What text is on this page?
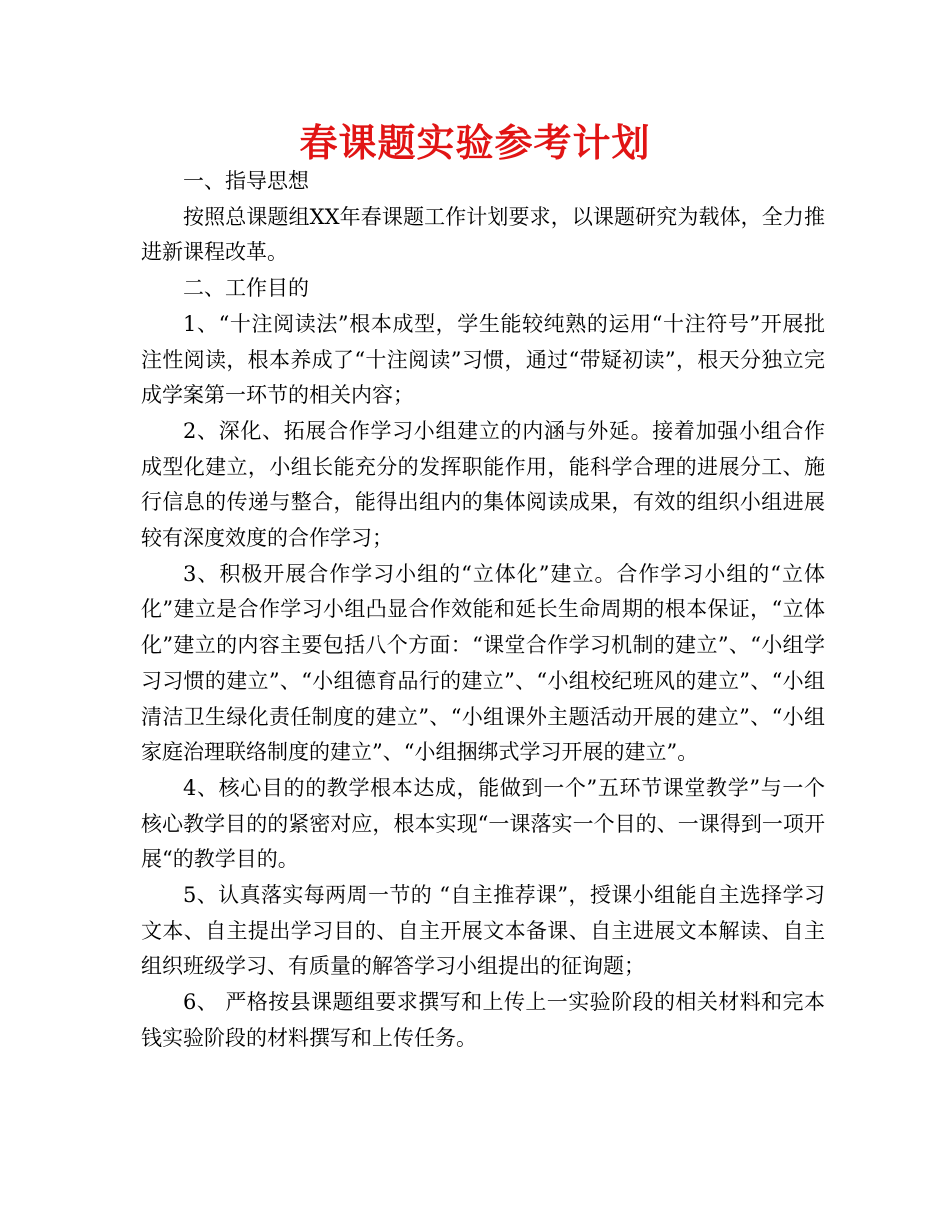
春课题实验参考计划

一、指导思想

按照总课题组XX年春课题工作计划要求，以课题研究为载体，全力推进新课程改革。

二、工作目的

1、“十注阅读法”根本成型，学生能较纯熟的运用“十注符号”开展批注性阅读，根本养成了“十注阅读”习惯，通过“带疑初读”，根天分独立完成学案第一环节的相关内容；

2、深化、拓展合作学习小组建立的内涵与外延。接着加强小组合作成型化建立，小组长能充分的发挥职能作用，能科学合理的进展分工、施行信息的传递与整合，能得出组内的集体阅读成果，有效的组织小组进展较有深度效度的合作学习；

3、积极开展合作学习小组的“立体化”建立。合作学习小组的“立体化”建立是合作学习小组凸显合作效能和延长生命周期的根本保证，“立体化”建立的内容主要包括八个方面：“课堂合作学习机制的建立”、“小组学习习惯的建立”、“小组德育品行的建立”、“小组校纪班风的建立”、“小组清洁卫生绿化责任制度的建立”、“小组课外主题活动开展的建立”、“小组家庭治理联络制度的建立”、“小组捆绑式学习开展的建立”。

4、核心目的的教学根本达成，能做到一个”五环节课堂教学”与一个核心教学目的的紧密对应，根本实现“一课落实一个目的、一课得到一项开展“的教学目的。

5、认真落实每两周一节的 “自主推荐课”，授课小组能自主选择学习文本、自主提出学习目的、自主开展文本备课、自主进展文本解读、自主组织班级学习、有质量的解答学习小组提出的征询题；

6、 严格按县课题组要求撰写和上传上一实验阶段的相关材料和完本钱实验阶段的材料撰写和上传任务。
